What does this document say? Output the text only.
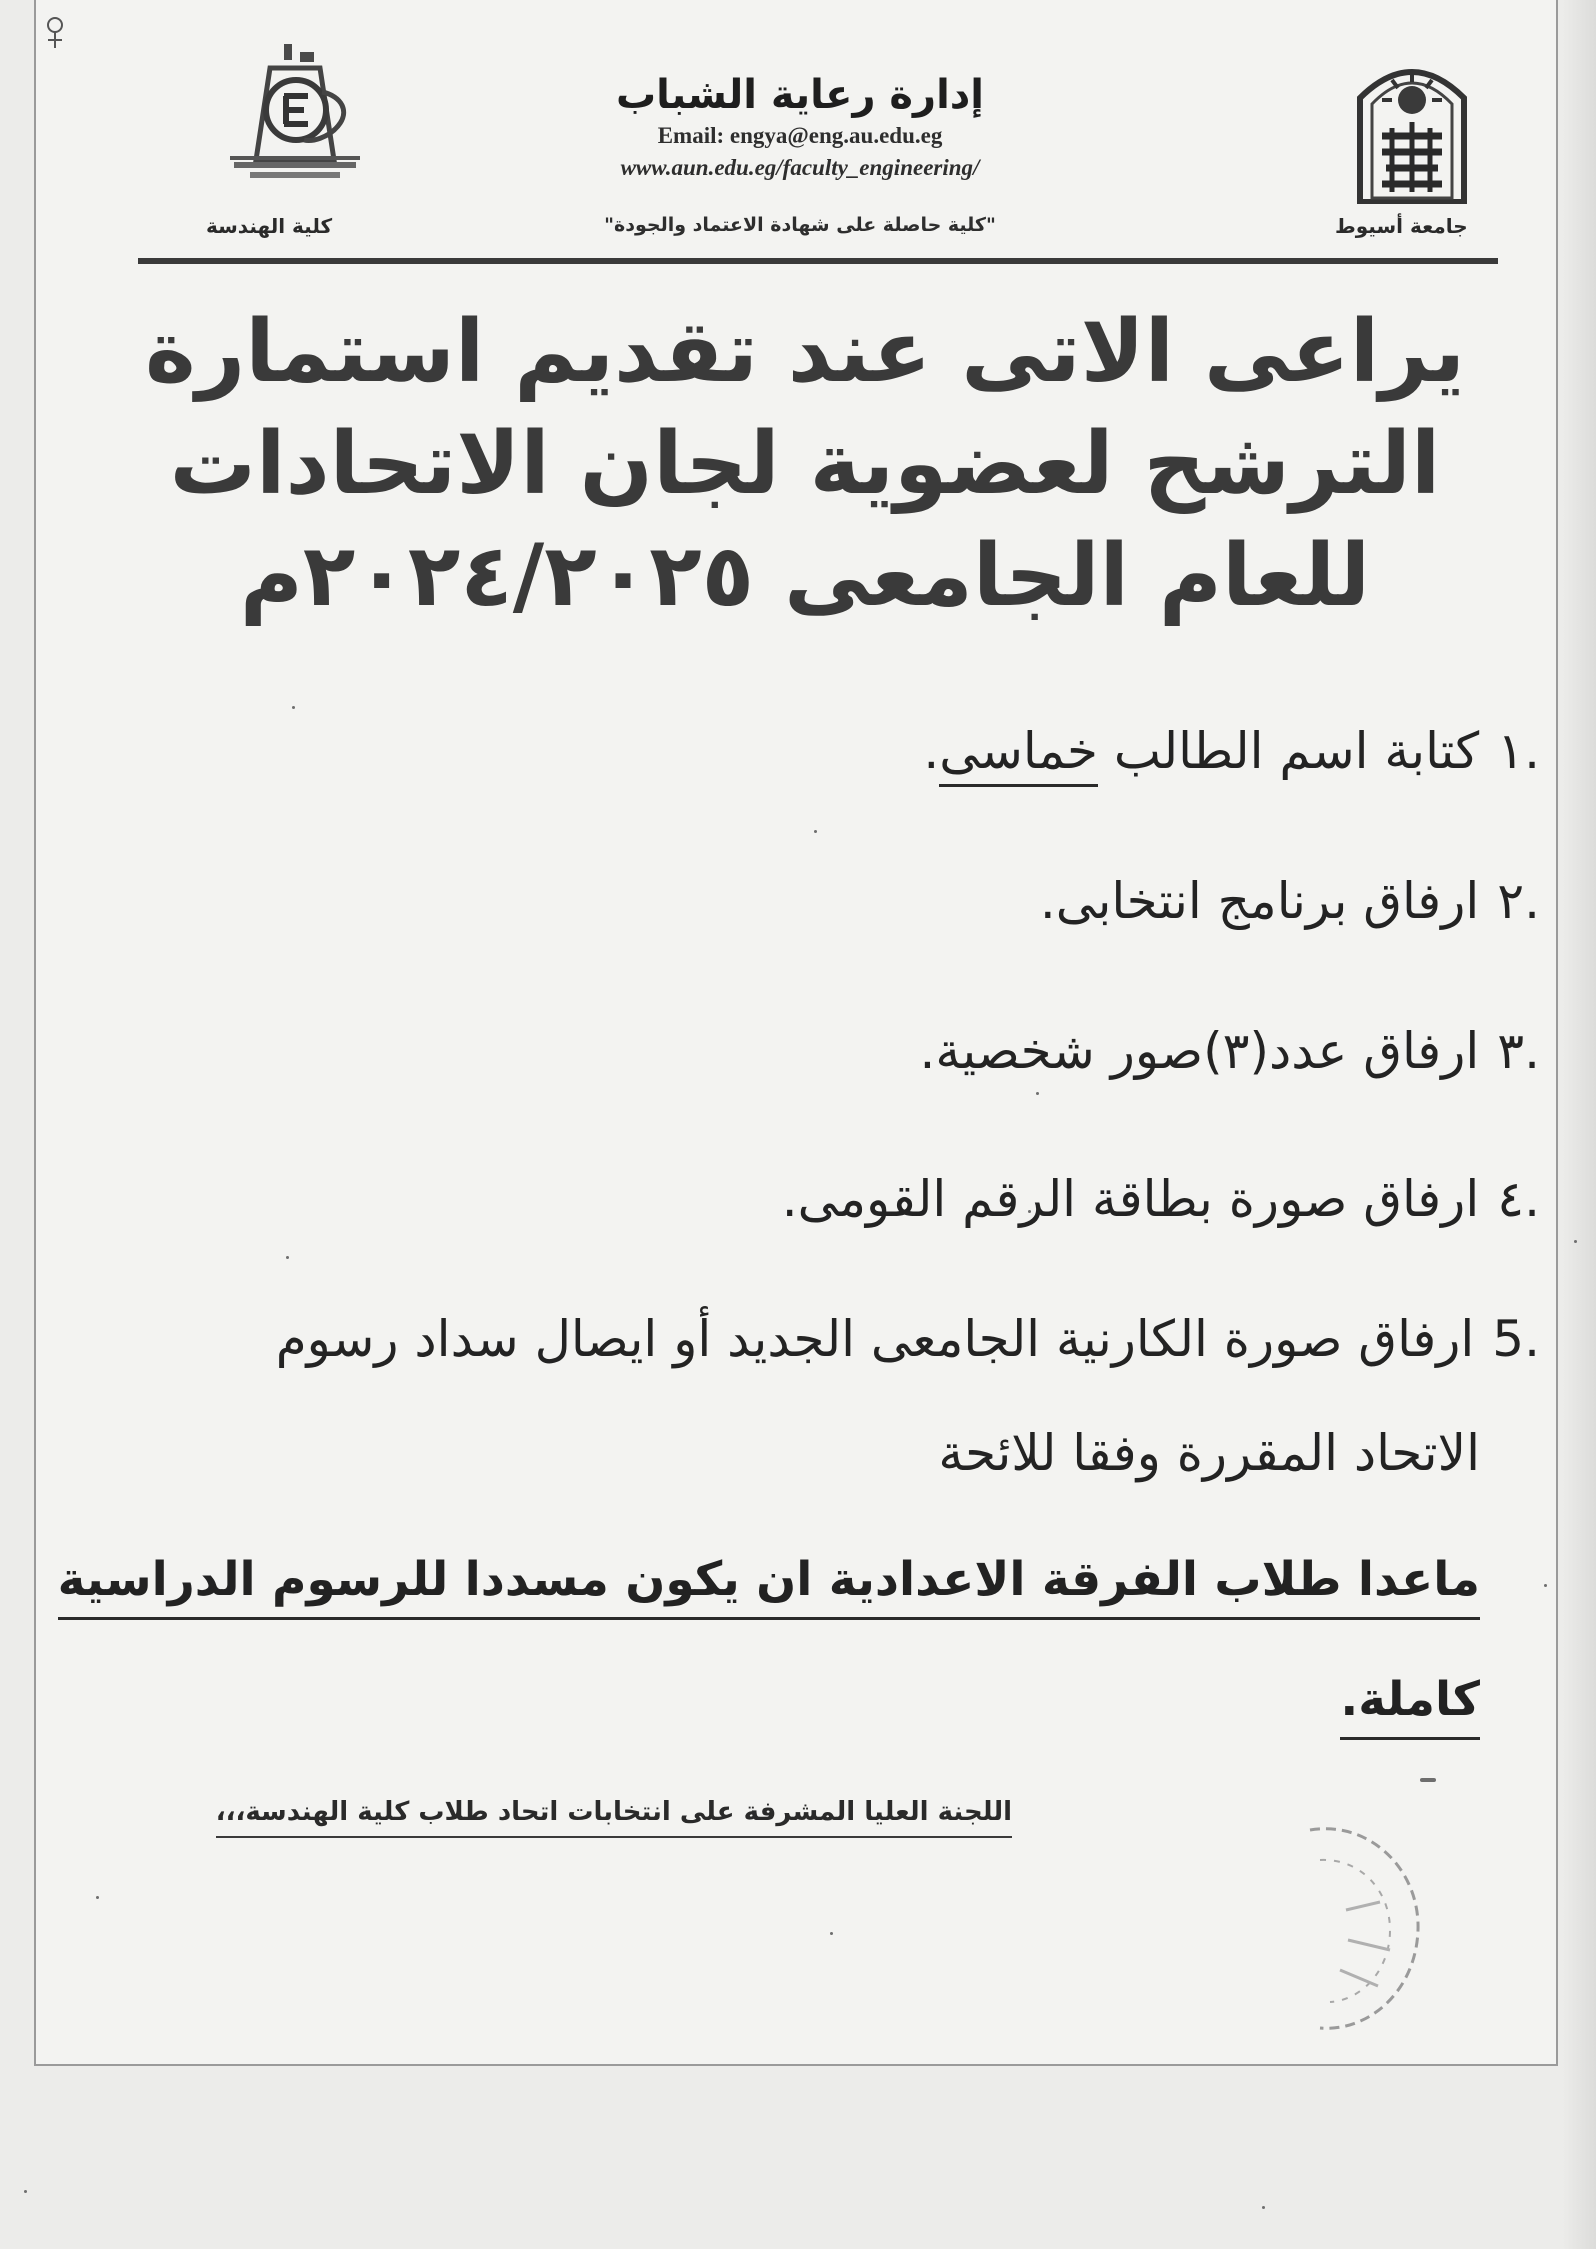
كلية الهندسة	جامعة أسيوط

إدارة رعاية الشباب

Email: engya@eng.au.edu.eg

www.aun.edu.eg/faculty_engineering/

"كلية حاصلة على شهادة الاعتماد والجودة"

يراعى الاتى عند تقديم استمارة

الترشح لعضوية لجان الاتحادات

للعام الجامعى ٢٠٢٤/٢٠٢٥م

.١كتابة اسم الطالب خماسى.
.٢ارفاق برنامج انتخابى.
.٣ارفاق عدد(٣)صور شخصية.
.٤ارفاق صورة بطاقة الرقم القومى.
.5ارفاق صورة الكارنية الجامعى الجديد أو ايصال سداد رسوم
الاتحاد المقررة وفقا للائحة
ماعدا طلاب الفرقة الاعدادية ان يكون مسددا للرسوم الدراسية
كاملة.
اللجنة العليا المشرفة على انتخابات اتحاد طلاب كلية الهندسة،،،
